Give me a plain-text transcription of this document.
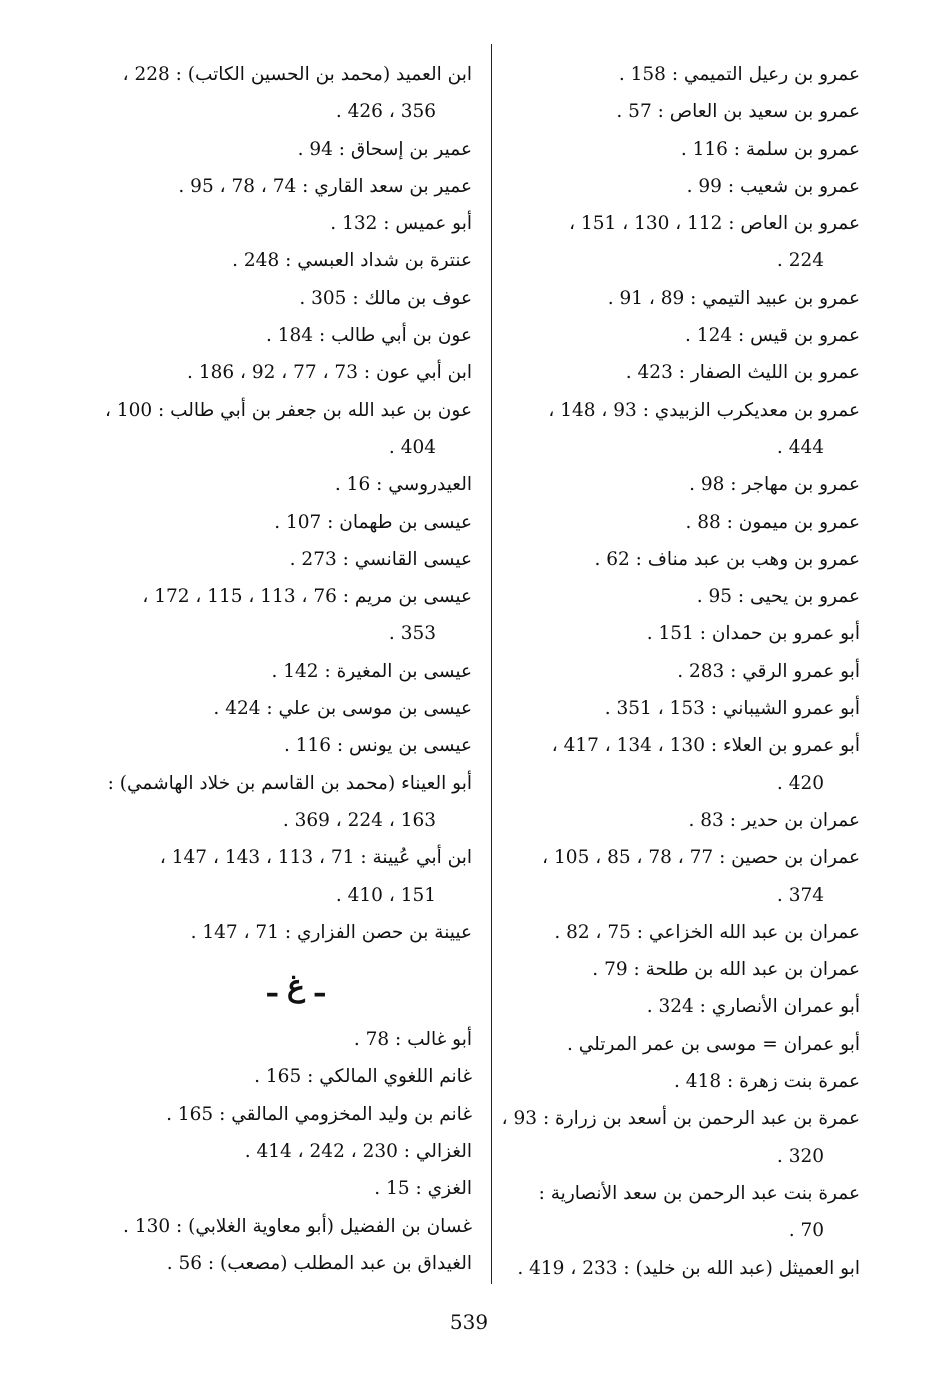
عمرو بن رعيل التميمي : 158 .
عمرو بن سعيد بن العاص : 57 .
عمرو بن سلمة : 116 .
عمرو بن شعيب : 99 .
عمرو بن العاص : 112 ، 130 ، 151 ،
224 .
عمرو بن عبيد التيمي : 89 ، 91 .
عمرو بن قيس : 124 .
عمرو بن الليث الصفار : 423 .
عمرو بن معديكرب الزبيدي : 93 ، 148 ،
444 .
عمرو بن مهاجر : 98 .
عمرو بن ميمون : 88 .
عمرو بن وهب بن عبد مناف : 62 .
عمرو بن يحيى : 95 .
أبو عمرو بن حمدان : 151 .
أبو عمرو الرقي : 283 .
أبو عمرو الشيباني : 153 ، 351 .
أبو عمرو بن العلاء : 130 ، 134 ، 417 ،
420 .
عمران بن حدير : 83 .
عمران بن حصين : 77 ، 78 ، 85 ، 105 ،
374 .
عمران بن عبد الله الخزاعي : 75 ، 82 .
عمران بن عبد الله بن طلحة : 79 .
أبو عمران الأنصاري : 324 .
أبو عمران = موسى بن عمر المرتلي .
عمرة بنت زهرة : 418 .
عمرة بن عبد الرحمن بن أسعد بن زرارة : 93 ،
320 .
عمرة بنت عبد الرحمن بن سعد الأنصارية :
70 .
ابو العميثل (عبد الله بن خليد) : 233 ، 419 .
ابن العميد (محمد بن الحسين الكاتب) : 228 ،
356 ، 426 .
عمير بن إسحاق : 94 .
عمير بن سعد القاري : 74 ، 78 ، 95 .
أبو عميس : 132 .
عنترة بن شداد العبسي : 248 .
عوف بن مالك : 305 .
عون بن أبي طالب : 184 .
ابن أبي عون : 73 ، 77 ، 92 ، 186 .
عون بن عبد الله بن جعفر بن أبي طالب : 100 ،
404 .
العيدروسي : 16 .
عيسى بن طهمان : 107 .
عيسى القانسي : 273 .
عيسى بن مريم : 76 ، 113 ، 115 ، 172 ،
353 .
عيسى بن المغيرة : 142 .
عيسى بن موسى بن علي : 424 .
عيسى بن يونس : 116 .
أبو العيناء (محمد بن القاسم بن خلاد الهاشمي) :
163 ، 224 ، 369 .
ابن أبي عُيينة : 71 ، 113 ، 143 ، 147 ،
151 ، 410 .
عيينة بن حصن الفزاري : 71 ، 147 .
ـ غ ـ
أبو غالب : 78 .
غانم اللغوي المالكي : 165 .
غانم بن وليد المخزومي المالقي : 165 .
الغزالي : 230 ، 242 ، 414 .
الغزي : 15 .
غسان بن الفضيل (أبو معاوية الغلابي) : 130 .
الغيداق بن عبد المطلب (مصعب) : 56 .
539
